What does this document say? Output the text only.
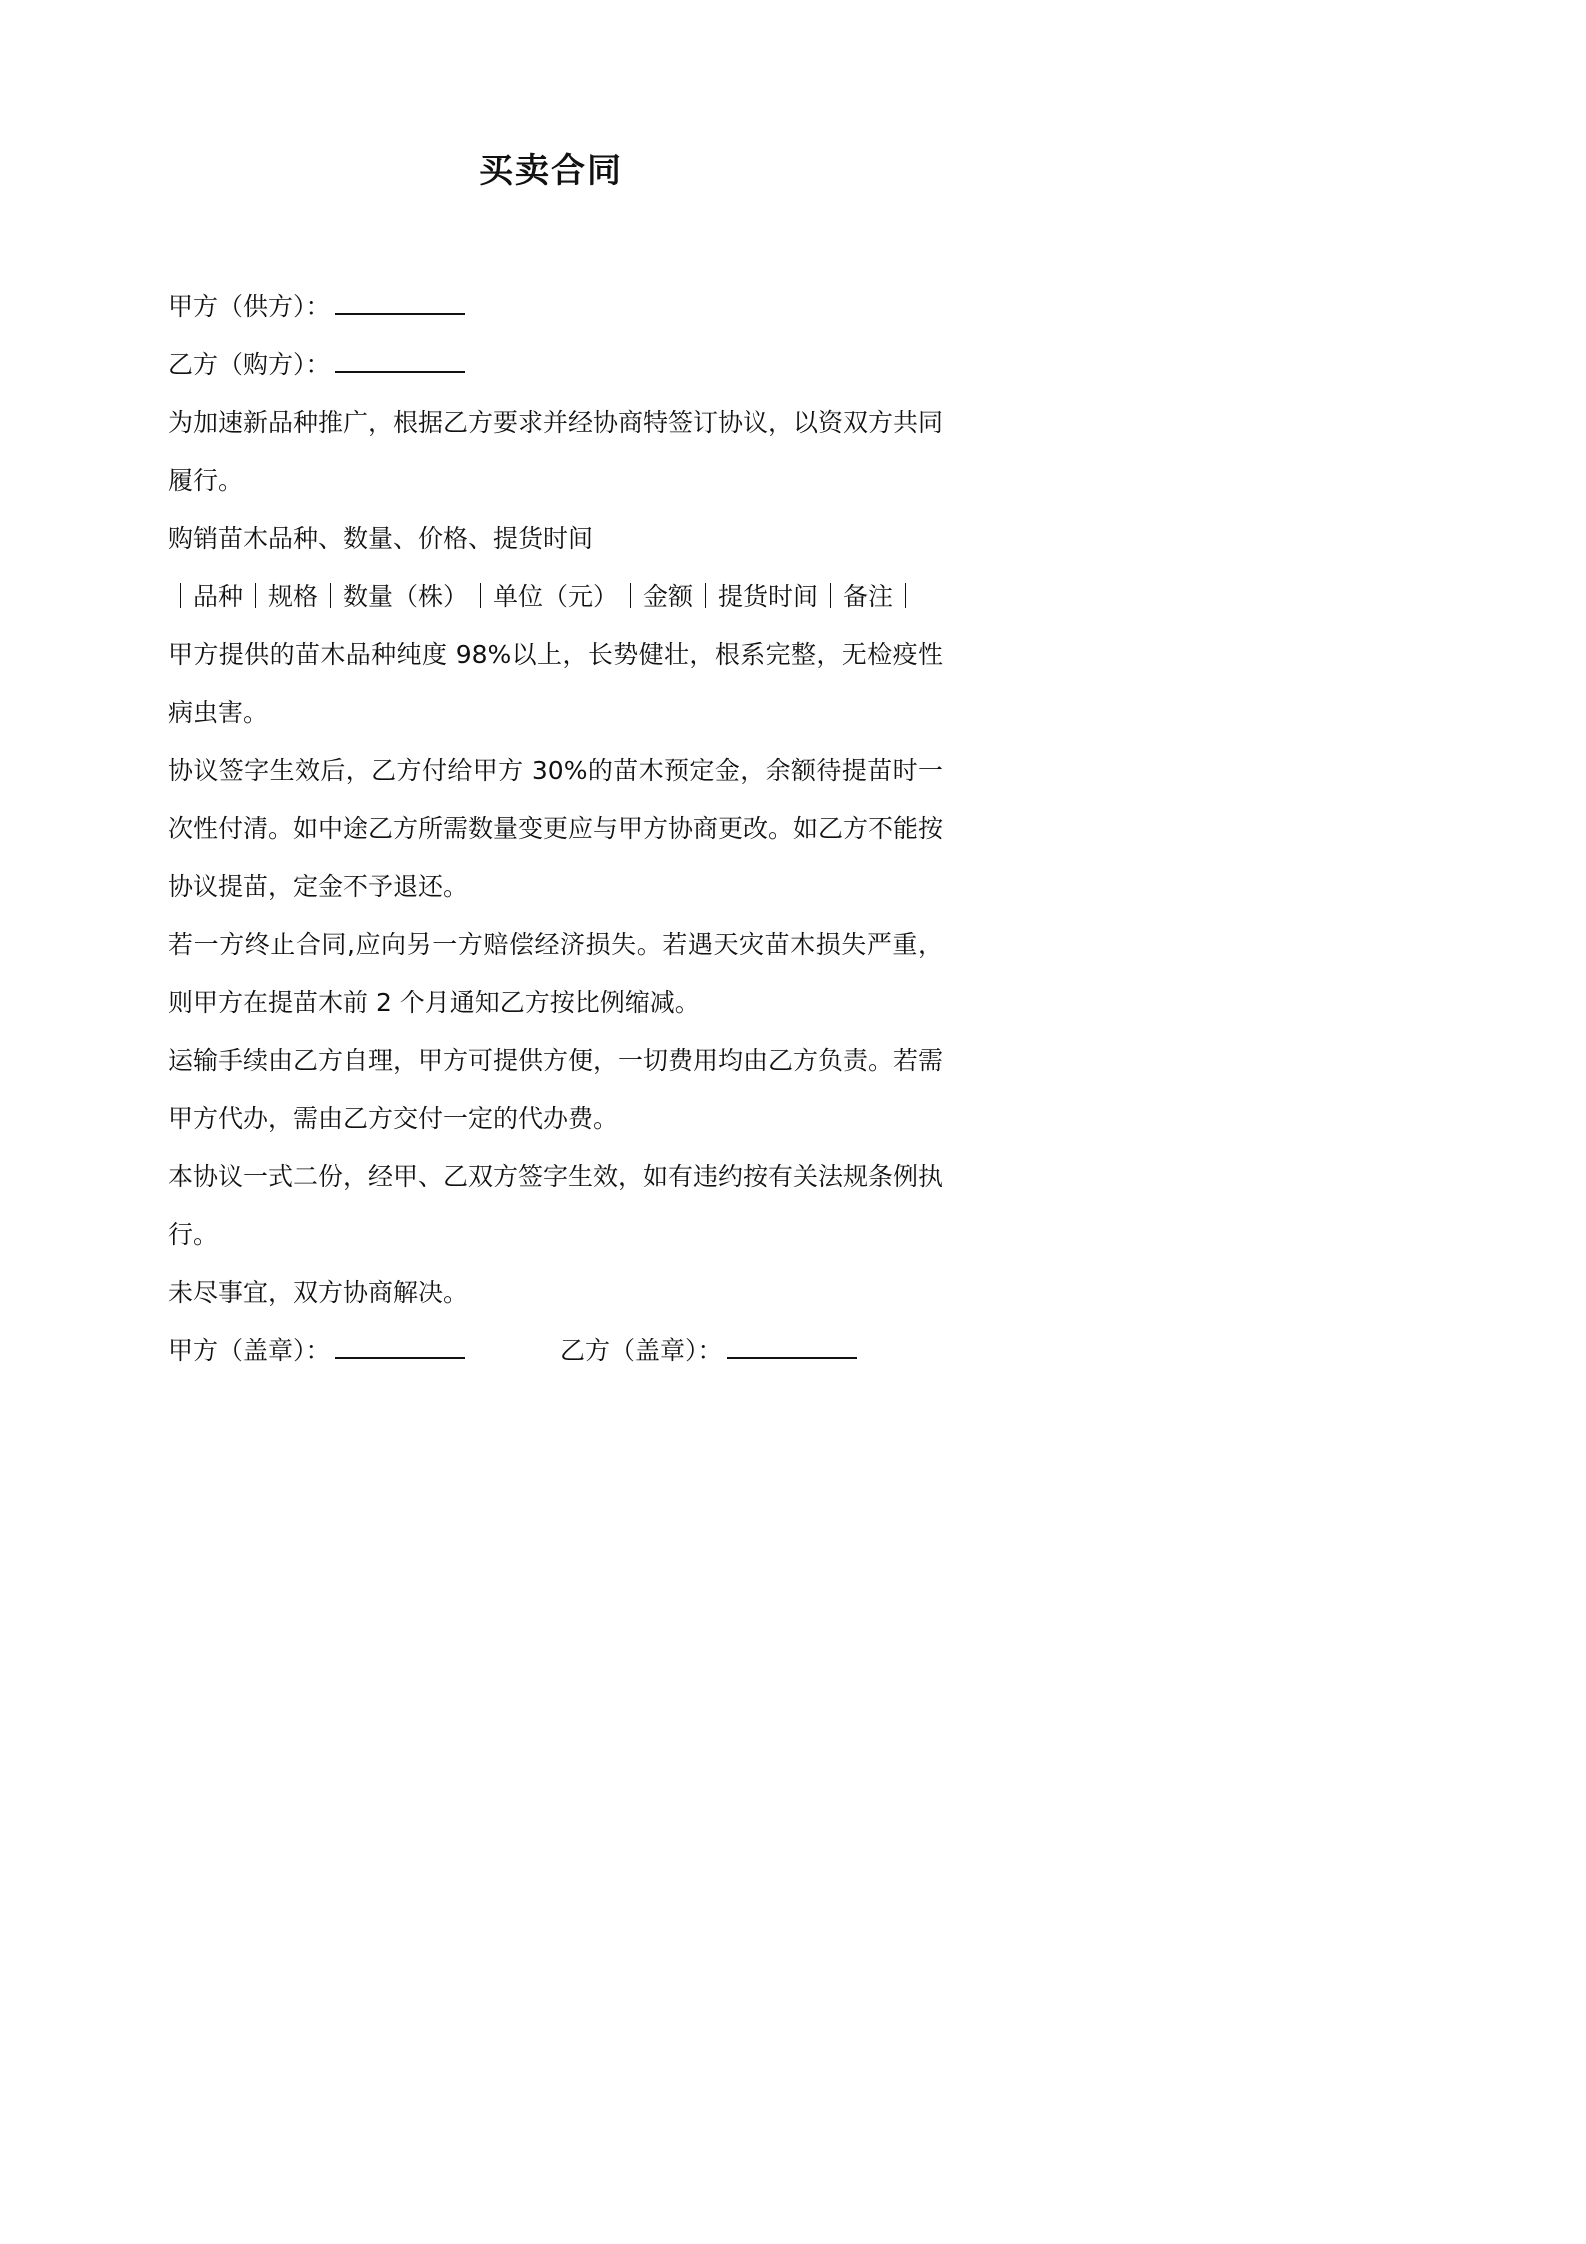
买卖合同
甲方（供方）：
乙方（购方）：
为加速新品种推广，根据乙方要求并经协商特签订协议，以资双方共同履行。
购销苗木品种、数量、价格、提货时间
｜品种｜规格｜数量（株）｜单位（元）｜金额｜提货时间｜备注｜
甲方提供的苗木品种纯度 98%以上，长势健壮，根系完整，无检疫性病虫害。
协议签字生效后，乙方付给甲方 30%的苗木预定金，余额待提苗时一次性付清。如中途乙方所需数量变更应与甲方协商更改。如乙方不能按协议提苗，定金不予退还。
若一方终止合同,应向另一方赔偿经济损失。若遇天灾苗木损失严重，则甲方在提苗木前 2 个月通知乙方按比例缩减。
运输手续由乙方自理，甲方可提供方便，一切费用均由乙方负责。若需甲方代办，需由乙方交付一定的代办费。
本协议一式二份，经甲、乙双方签字生效，如有违约按有关法规条例执行。
未尽事宜，双方协商解决。
甲方（盖章）：	乙方（盖章）：
